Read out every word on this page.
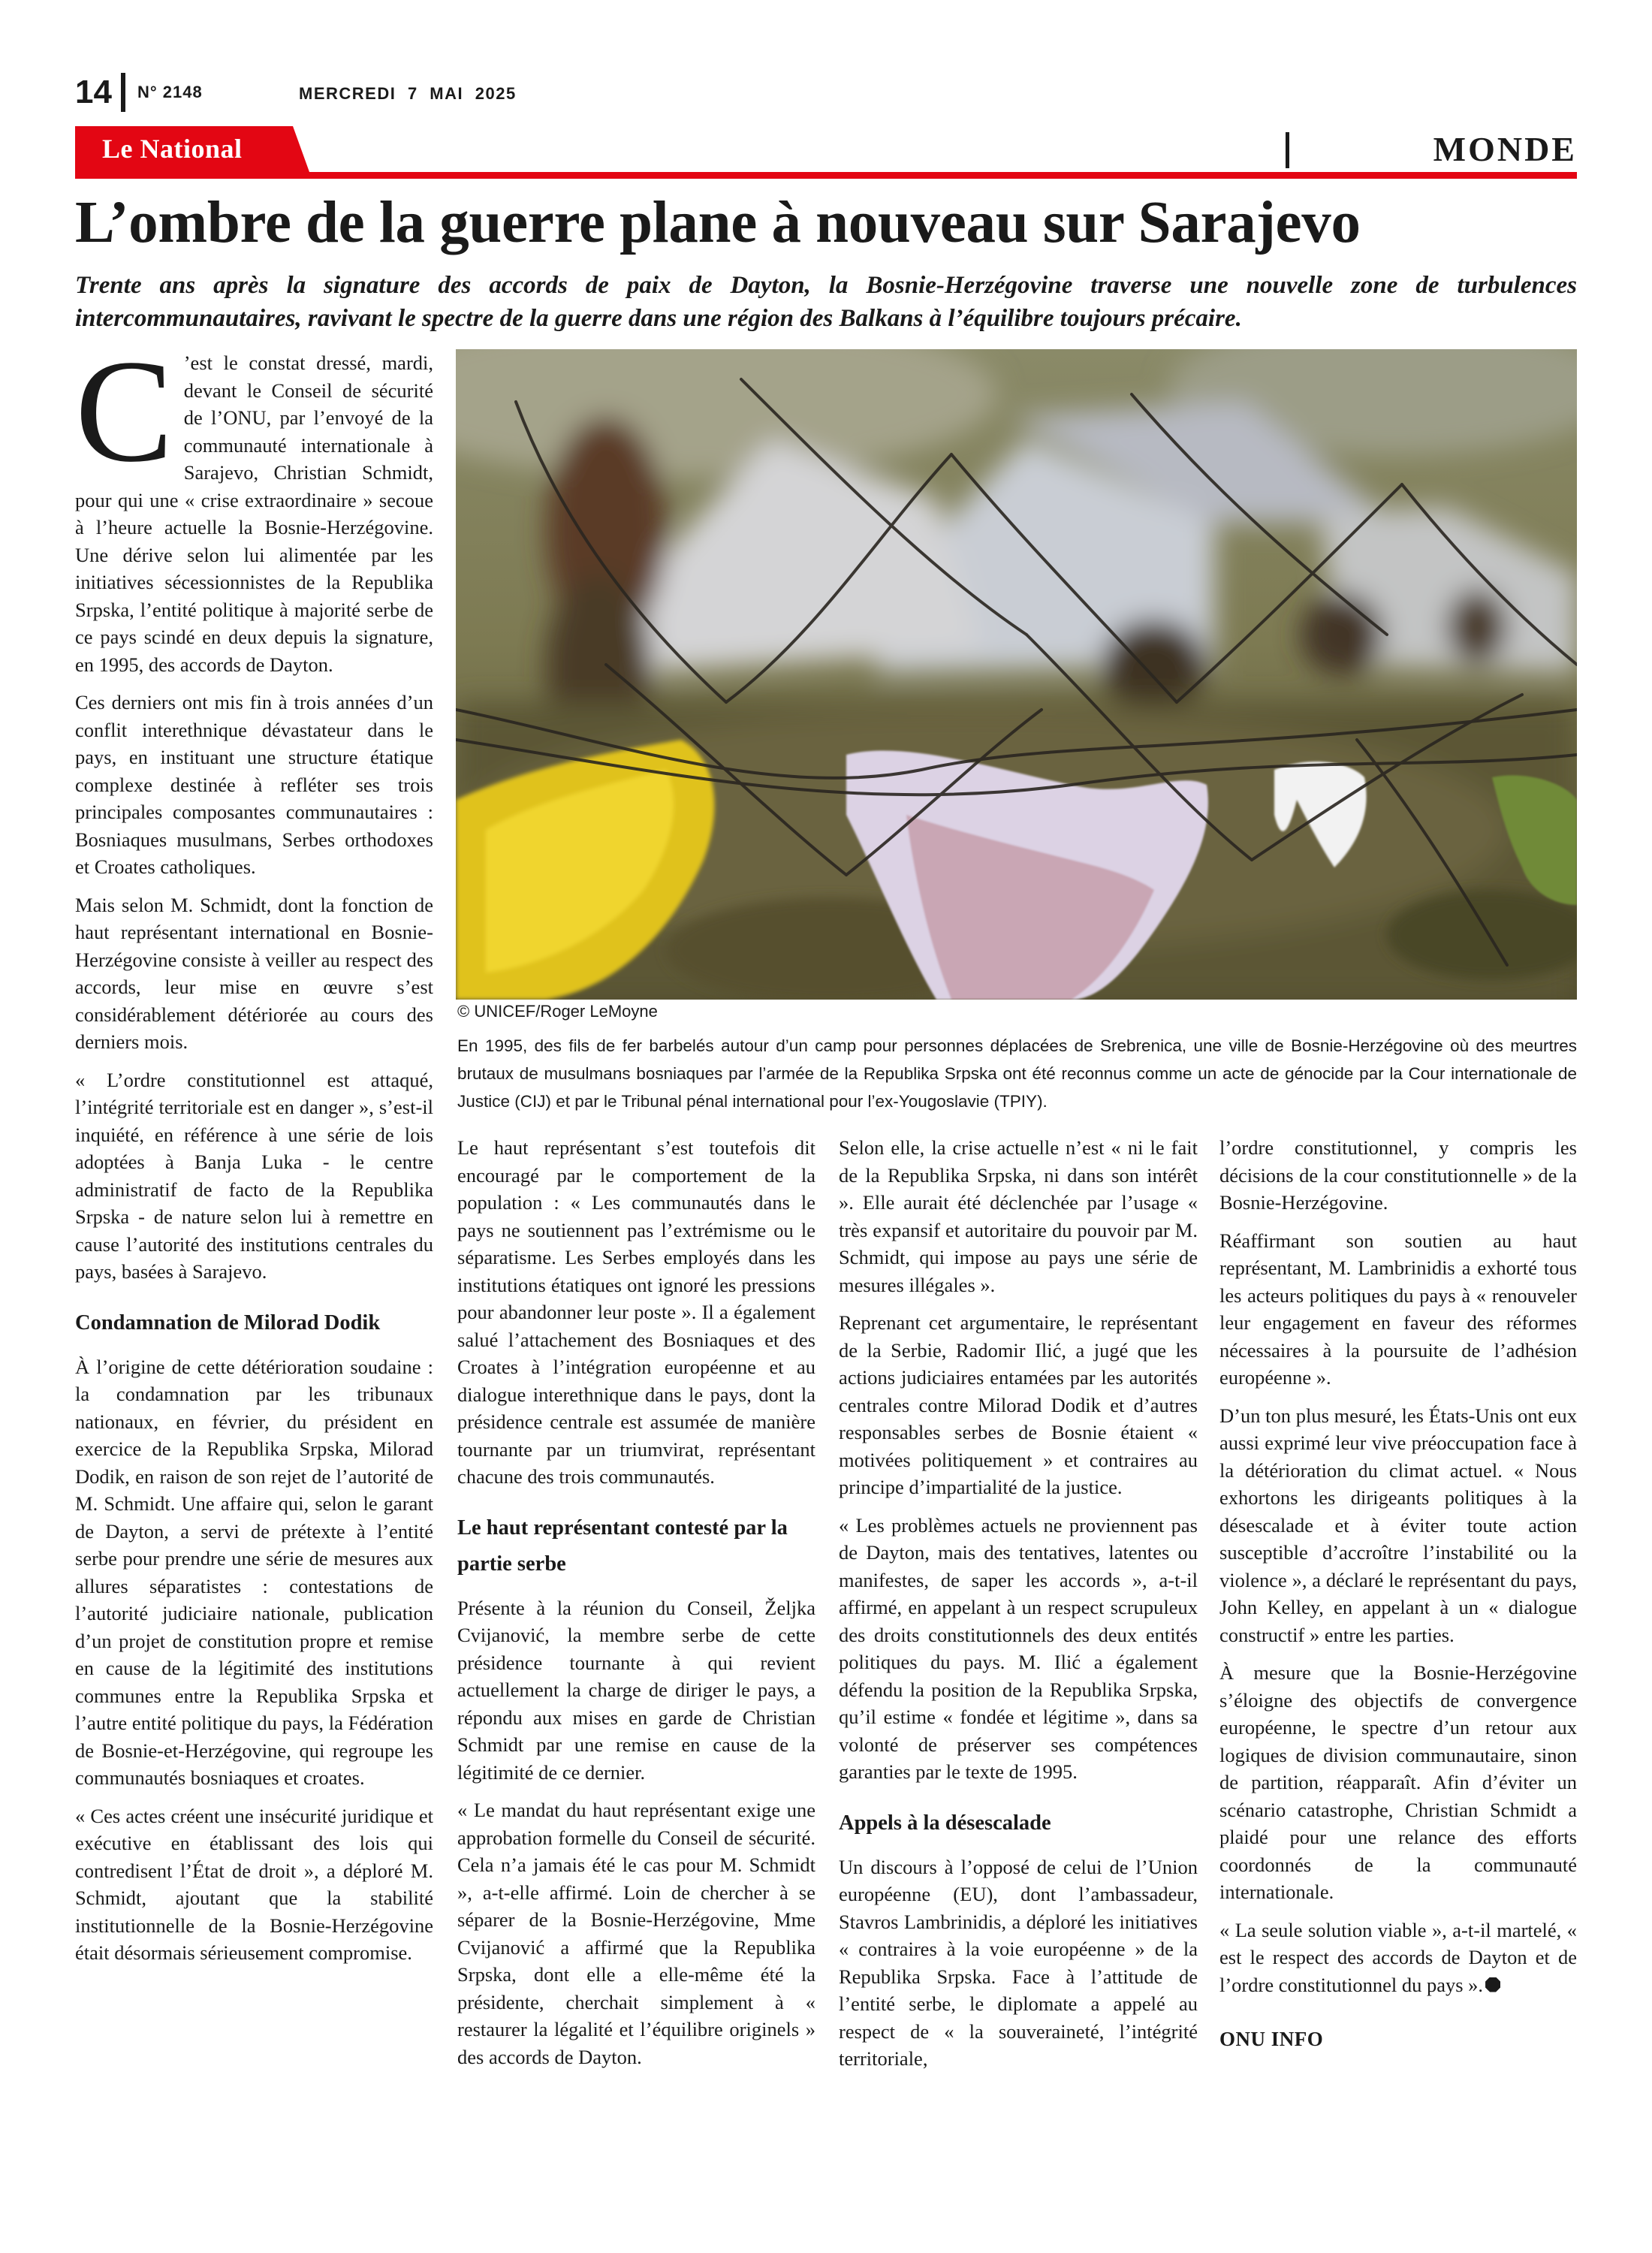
14 N° 2148	MERCREDI 7 MAI 2025
Le National	MONDE
L’ombre de la guerre plane à nouveau sur Sarajevo
Trente ans après la signature des accords de paix de Dayton, la Bosnie-Herzégovine traverse une nouvelle zone de turbulences intercommunautaires, ravivant le spectre de la guerre dans une région des Balkans à l’équilibre toujours précaire.

C ’est le constat dressé, mardi, devant le Conseil de sécurité de l’ONU, par l’envoyé de la communauté internationale à Sarajevo, Christian Schmidt, pour qui une « crise extraordinaire » secoue à l’heure actuelle la Bosnie-Herzégovine. Une dérive selon lui alimentée par les initiatives sécessionnistes de la Republika Srpska, l’entité politique à majorité serbe de ce pays scindé en deux depuis la signature, en 1995, des accords de Dayton.

Ces derniers ont mis fin à trois années d’un conflit interethnique dévastateur dans le pays, en instituant une structure étatique complexe destinée à refléter ses trois principales composantes communautaires : Bosniaques musulmans, Serbes orthodoxes et Croates catholiques.

Mais selon M. Schmidt, dont la fonction de haut représentant international en Bosnie-Herzégovine consiste à veiller au respect des accords, leur mise en œuvre s’est considérablement détériorée au cours des derniers mois.

« L’ordre constitutionnel est attaqué, l’intégrité territoriale est en danger », s’est-il inquiété, en référence à une série de lois adoptées à Banja Luka - le centre administratif de facto de la Republika Srpska - de nature selon lui à remettre en cause l’autorité des institutions centrales du pays, basées à Sarajevo.

Condamnation de Milorad Dodik

À l’origine de cette détérioration soudaine : la condamnation par les tribunaux nationaux, en février, du président en exercice de la Republika Srpska, Milorad Dodik, en raison de son rejet de l’autorité de M. Schmidt. Une affaire qui, selon le garant de Dayton, a servi de prétexte à l’entité serbe pour prendre une série de mesures aux allures séparatistes : contestations de l’autorité judiciaire nationale, publication d’un projet de constitution propre et remise en cause de la légitimité des institutions communes entre la Republika Srpska et l’autre entité politique du pays, la Fédération de Bosnie-et-Herzégovine, qui regroupe les communautés bosniaques et croates.

« Ces actes créent une insécurité juridique et exécutive en établissant des lois qui contredisent l’État de droit », a déploré M. Schmidt, ajoutant que la stabilité institutionnelle de la Bosnie-Herzégovine était désormais sérieusement compromise.

© UNICEF/Roger LeMoyne
En 1995, des fils de fer barbelés autour d’un camp pour personnes déplacées de Srebrenica, une ville de Bosnie-Herzégovine où des meurtres brutaux de musulmans bosniaques par l’armée de la Republika Srpska ont été reconnus comme un acte de génocide par la Cour internationale de Justice (CIJ) et par le Tribunal pénal international pour l’ex-Yougoslavie (TPIY).

Le haut représentant s’est toutefois dit encouragé par le comportement de la population : « Les communautés dans le pays ne soutiennent pas l’extrémisme ou le séparatisme. Les Serbes employés dans les institutions étatiques ont ignoré les pressions pour abandonner leur poste ». Il a également salué l’attachement des Bosniaques et des Croates à l’intégration européenne et au dialogue interethnique dans le pays, dont la présidence centrale est assumée de manière tournante par un triumvirat, représentant chacune des trois communautés.

Le haut représentant contesté par la partie serbe

Présente à la réunion du Conseil, Željka Cvijanović, la membre serbe de cette présidence tournante à qui revient actuellement la charge de diriger le pays, a répondu aux mises en garde de Christian Schmidt par une remise en cause de la légitimité de ce dernier.

« Le mandat du haut représentant exige une approbation formelle du Conseil de sécurité. Cela n’a jamais été le cas pour M. Schmidt », a-t-elle affirmé. Loin de chercher à se séparer de la Bosnie-Herzégovine, Mme Cvijanović a affirmé que la Republika Srpska, dont elle a elle-même été la présidente, cherchait simplement à « restaurer la légalité et l’équilibre originels » des accords de Dayton.

Selon elle, la crise actuelle n’est « ni le fait de la Republika Srpska, ni dans son intérêt ». Elle aurait été déclenchée par l’usage « très expansif et autoritaire du pouvoir par M. Schmidt, qui impose au pays une série de mesures illégales ».

Reprenant cet argumentaire, le représentant de la Serbie, Radomir Ilić, a jugé que les actions judiciaires entamées par les autorités centrales contre Milorad Dodik et d’autres responsables serbes de Bosnie étaient « motivées politiquement » et contraires au principe d’impartialité de la justice.

« Les problèmes actuels ne proviennent pas de Dayton, mais des tentatives, latentes ou manifestes, de saper les accords », a-t-il affirmé, en appelant à un respect scrupuleux des droits constitutionnels des deux entités politiques du pays. M. Ilić a également défendu la position de la Republika Srpska, qu’il estime « fondée et légitime », dans sa volonté de préserver ses compétences garanties par le texte de 1995.

Appels à la désescalade

Un discours à l’opposé de celui de l’Union européenne (EU), dont l’ambassadeur, Stavros Lambrinidis, a déploré les initiatives « contraires à la voie européenne » de la Republika Srpska. Face à l’attitude de l’entité serbe, le diplomate a appelé au respect de « la souveraineté, l’intégrité territoriale,

l’ordre constitutionnel, y compris les décisions de la cour constitutionnelle » de la Bosnie-Herzégovine.

Réaffirmant son soutien au haut représentant, M. Lambrinidis a exhorté tous les acteurs politiques du pays à « renouveler leur engagement en faveur des réformes nécessaires à la poursuite de l’adhésion européenne ».

D’un ton plus mesuré, les États-Unis ont eux aussi exprimé leur vive préoccupation face à la détérioration du climat actuel. « Nous exhortons les dirigeants politiques à la désescalade et à éviter toute action susceptible d’accroître l’instabilité ou la violence », a déclaré le représentant du pays, John Kelley, en appelant à un « dialogue constructif » entre les parties.

À mesure que la Bosnie-Herzégovine s’éloigne des objectifs de convergence européenne, le spectre d’un retour aux logiques de division communautaire, sinon de partition, réapparaît. Afin d’éviter un scénario catastrophe, Christian Schmidt a plaidé pour une relance des efforts coordonnés de la communauté internationale.

« La seule solution viable », a-t-il martelé, « est le respect des accords de Dayton et de l’ordre constitutionnel du pays ».

ONU INFO
